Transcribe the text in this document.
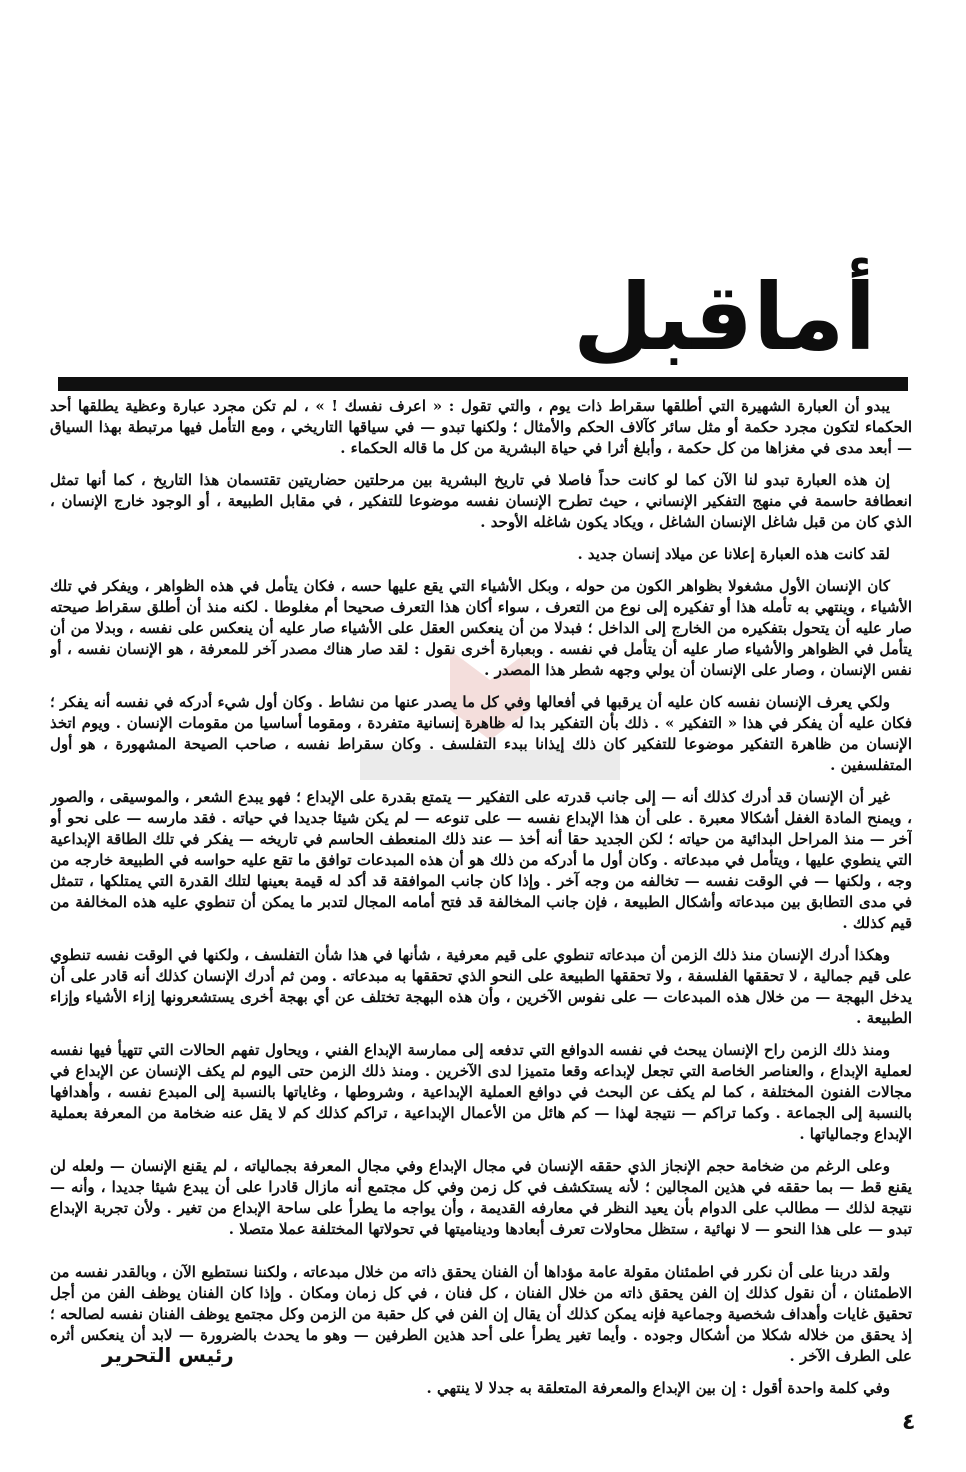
أماقبل

يبدو أن العبارة الشهيرة التي أطلقها سقراط ذات يوم ، والتي تقول : « اعرف نفسك ! » ، لم تكن مجرد عبارة وعظية يطلقها أحد الحكماء لتكون مجرد حكمة أو مثل سائر كآلاف الحكم والأمثال ؛ ولكنها تبدو — في سياقها التاريخي ، ومع التأمل فيها مرتبطة بهذا السياق — أبعد مدى في مغزاها من كل حكمة ، وأبلغ أثرا في حياة البشرية من كل ما قاله الحكماء .

إن هذه العبارة تبدو لنا الآن كما لو كانت حداً فاصلا في تاريخ البشرية بين مرحلتين حضاريتين تقتسمان هذا التاريخ ، كما أنها تمثل انعطافة حاسمة في منهج التفكير الإنساني ، حيث تطرح الإنسان نفسه موضوعا للتفكير ، في مقابل الطبيعة ، أو الوجود خارج الإنسان ، الذي كان من قبل شاغل الإنسان الشاغل ، ويكاد يكون شاغله الأوحد .

لقد كانت هذه العبارة إعلانا عن ميلاد إنسان جديد .

كان الإنسان الأول مشغولا بظواهر الكون من حوله ، وبكل الأشياء التي يقع عليها حسه ، فكان يتأمل في هذه الظواهر ، ويفكر في تلك الأشياء ، وينتهي به تأمله هذا أو تفكيره إلى نوع من التعرف ، سواء أكان هذا التعرف صحيحا أم مغلوطا . لكنه منذ أن أطلق سقراط صيحته صار عليه أن يتحول بتفكيره من الخارج إلى الداخل ؛ فبدلا من أن ينعكس العقل على الأشياء صار عليه أن ينعكس على نفسه ، وبدلا من أن يتأمل في الظواهر والأشياء صار عليه أن يتأمل في نفسه . وبعبارة أخرى نقول : لقد صار هناك مصدر آخر للمعرفة ، هو الإنسان نفسه ، أو نفس الإنسان ، وصار على الإنسان أن يولي وجهه شطر هذا المصدر .

ولكي يعرف الإنسان نفسه كان عليه أن يرقبها في أفعالها وفي كل ما يصدر عنها من نشاط . وكان أول شيء أدركه في نفسه أنه يفكر ؛ فكان عليه أن يفكر في هذا « التفكير » . ذلك بأن التفكير بدا له ظاهرة إنسانية متفردة ، ومقوما أساسيا من مقومات الإنسان . ويوم اتخذ الإنسان من ظاهرة التفكير موضوعا للتفكير كان ذلك إيذانا ببدء التفلسف . وكان سقراط نفسه ، صاحب الصيحة المشهورة ، هو أول المتفلسفين .

غير أن الإنسان قد أدرك كذلك أنه — إلى جانب قدرته على التفكير — يتمتع بقدرة على الإبداع ؛ فهو يبدع الشعر ، والموسيقى ، والصور ، ويمنح المادة الغفل أشكالا معبرة . على أن هذا الإبداع نفسه — على تنوعه — لم يكن شيئا جديدا في حياته . فقد مارسه — على نحو أو آخر — منذ المراحل البدائية من حياته ؛ لكن الجديد حقا أنه أخذ — عند ذلك المنعطف الحاسم في تاريخه — يفكر في تلك الطاقة الإبداعية التي ينطوي عليها ، ويتأمل في مبدعاته . وكان أول ما أدركه من ذلك هو أن هذه المبدعات توافق ما تقع عليه حواسه في الطبيعة خارجه من وجه ، ولكنها — في الوقت نفسه — تخالفه من وجه آخر . وإذا كان جانب الموافقة قد أكد له قيمة بعينها لتلك القدرة التي يمتلكها ، تتمثل في مدى التطابق بين مبدعاته وأشكال الطبيعة ، فإن جانب المخالفة قد فتح أمامه المجال لتدبر ما يمكن أن تنطوي عليه هذه المخالفة من قيم كذلك .

وهكذا أدرك الإنسان منذ ذلك الزمن أن مبدعاته تنطوي على قيم معرفية ، شأنها في هذا شأن التفلسف ، ولكنها في الوقت نفسه تنطوي على قيم جمالية ، لا تحققها الفلسفة ، ولا تحققها الطبيعة على النحو الذي تحققها به مبدعاته . ومن ثم أدرك الإنسان كذلك أنه قادر على أن يدخل البهجة — من خلال هذه المبدعات — على نفوس الآخرين ، وأن هذه البهجة تختلف عن أي بهجة أخرى يستشعرونها إزاء الأشياء وإزاء الطبيعة .

ومنذ ذلك الزمن راح الإنسان يبحث في نفسه الدوافع التي تدفعه إلى ممارسة الإبداع الفني ، ويحاول تفهم الحالات التي تتهيأ فيها نفسه لعملية الإبداع ، والعناصر الخاصة التي تجعل لإبداعه وقعا متميزا لدى الآخرين . ومنذ ذلك الزمن حتى اليوم لم يكف الإنسان عن الإبداع في مجالات الفنون المختلفة ، كما لم يكف عن البحث في دوافع العملية الإبداعية ، وشروطها ، وغاياتها بالنسبة إلى المبدع نفسه ، وأهدافها بالنسبة إلى الجماعة . وكما تراكم — نتيجة لهذا — كم هائل من الأعمال الإبداعية ، تراكم كذلك كم لا يقل عنه ضخامة من المعرفة بعملية الإبداع وجمالياتها .

وعلى الرغم من ضخامة حجم الإنجاز الذي حققه الإنسان في مجال الإبداع وفي مجال المعرفة بجمالياته ، لم يقنع الإنسان — ولعله لن يقنع قط — بما حققه في هذين المجالين ؛ لأنه يستكشف في كل زمن وفي كل مجتمع أنه مازال قادرا على أن يبدع شيئا جديدا ، وأنه — نتيجة لذلك — مطالب على الدوام بأن يعيد النظر في معارفه القديمة ، وأن يواجه ما يطرأ على ساحة الإبداع من تغير . ولأن تجربة الإبداع تبدو — على هذا النحو — لا نهائية ، ستظل محاولات تعرف أبعادها وديناميتها في تحولاتها المختلفة عملا متصلا .

ولقد دربنا على أن نكرر في اطمئنان مقولة عامة مؤداها أن الفنان يحقق ذاته من خلال مبدعاته ، ولكننا نستطيع الآن ، وبالقدر نفسه من الاطمئنان ، أن نقول كذلك إن الفن يحقق ذاته من خلال الفنان ، كل فنان ، في كل زمان ومكان . وإذا كان الفنان يوظف الفن من أجل تحقيق غايات وأهداف شخصية وجماعية فإنه يمكن كذلك أن يقال إن الفن في كل حقبة من الزمن وكل مجتمع يوظف الفنان نفسه لصالحه ؛ إذ يحقق من خلاله شكلا من أشكال وجوده . وأيما تغير يطرأ على أحد هذين الطرفين — وهو ما يحدث بالضرورة — لابد أن ينعكس أثره على الطرف الآخر .

وفي كلمة واحدة أقول : إن بين الإبداع والمعرفة المتعلقة به جدلا لا ينتهي .

رئيس التحرير
٤
